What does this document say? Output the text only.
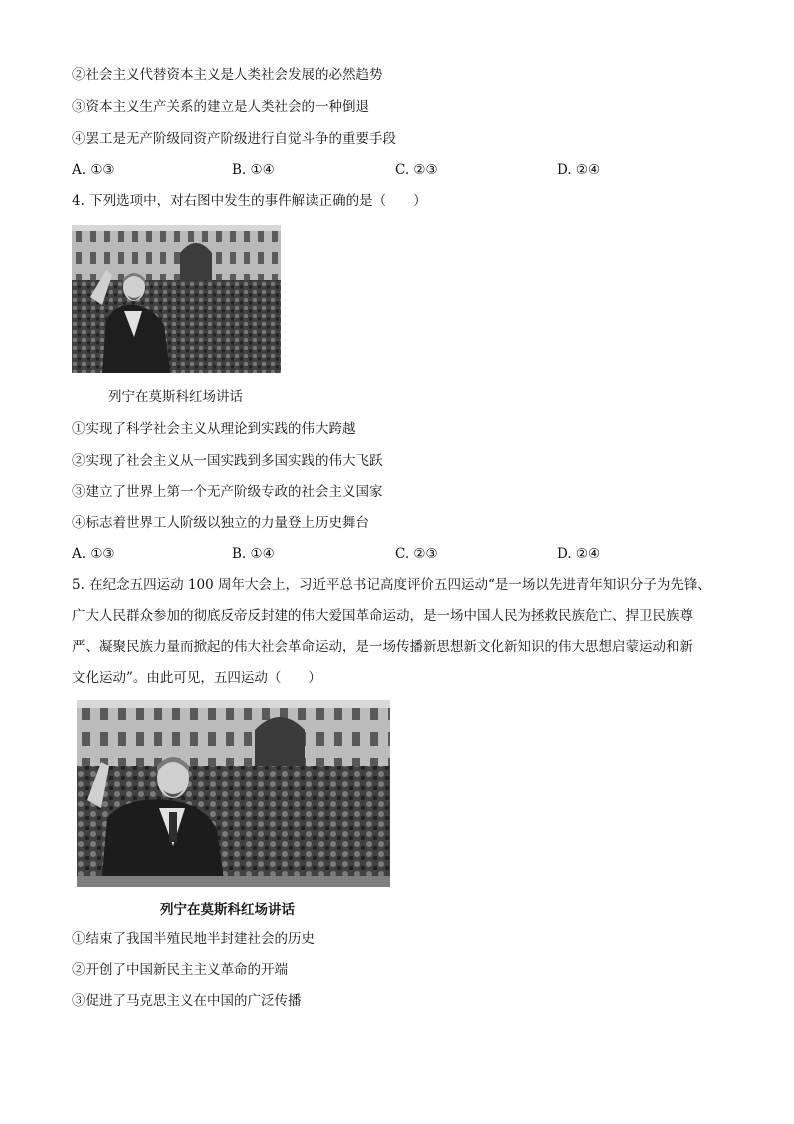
②社会主义代替资本主义是人类社会发展的必然趋势
③资本主义生产关系的建立是人类社会的一种倒退
④罢工是无产阶级同资产阶级进行自觉斗争的重要手段
A. ①③	B. ①④	C. ②③	D. ②④
4. 下列选项中，对右图中发生的事件解读正确的是（　　）
列宁在莫斯科红场讲话
①实现了科学社会主义从理论到实践的伟大跨越
②实现了社会主义从一国实践到多国实践的伟大飞跃
③建立了世界上第一个无产阶级专政的社会主义国家
④标志着世界工人阶级以独立的力量登上历史舞台
A. ①③	B. ①④	C. ②③	D. ②④
5. 在纪念五四运动 100 周年大会上，习近平总书记高度评价五四运动“是一场以先进青年知识分子为先锋、
广大人民群众参加的彻底反帝反封建的伟大爱国革命运动，是一场中国人民为拯救民族危亡、捍卫民族尊
严、凝聚民族力量而掀起的伟大社会革命运动，是一场传播新思想新文化新知识的伟大思想启蒙运动和新
文化运动”。由此可见，五四运动（　　）
列宁在莫斯科红场讲话
①结束了我国半殖民地半封建社会的历史
②开创了中国新民主主义革命的开端
③促进了马克思主义在中国的广泛传播
